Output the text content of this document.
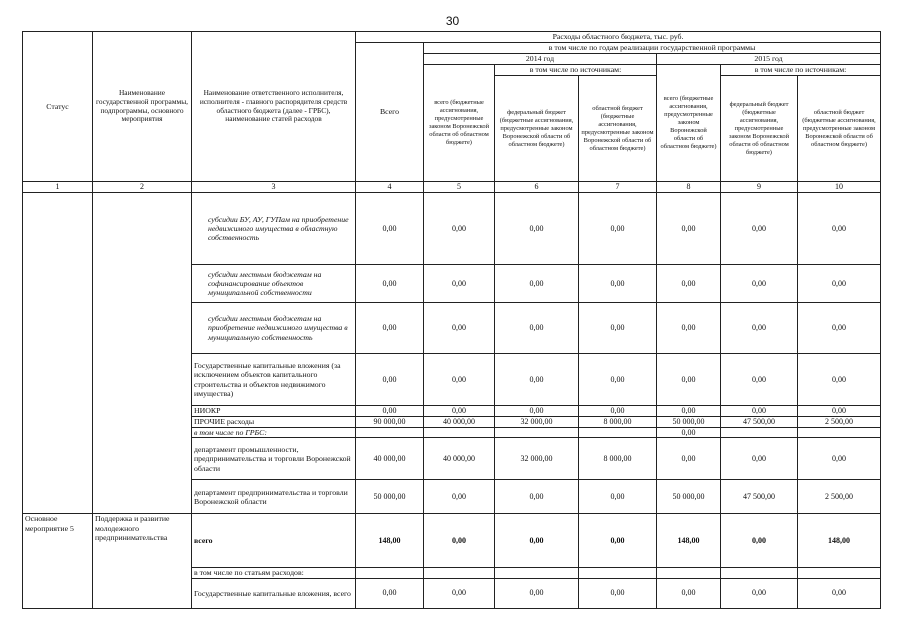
30
Статус	Наименование государственной программы, подпрограммы, основного мероприятия	Наименование ответственного исполнителя, исполнителя - главного распорядителя средств областного бюджета (далее - ГРБС), наименование статей расходов	Расходы областного бюджета, тыс. руб.						
			Всего	в том числе по годам реализации государственной программы					
				2014 год			2015 год		
				всего (бюджетные ассигнования, предусмотренные законом Воронежской области об областном бюджете)	в том числе по источникам:		всего (бюджетные ассигнования, предусмотренные законом Воронежской области об областном бюджете)	в том числе по источникам:	
					федеральный бюджет (бюджетные ассигнования, предусмотренные законом Воронежской области об областном бюджете)	областной бюджет (бюджетные ассигнования, предусмотренные законом Воронежской области об областном бюджете)		федеральный бюджет (бюджетные ассигнования, предусмотренные законом Воронежской области об областном бюджете)	областной бюджет (бюджетные ассигнования, предусмотренные законом Воронежской области об областном бюджете)
1	2	3	4	5	6	7	8	9	10
		субсидии БУ, АУ, ГУПам на приобретение недвижимого имущества в областную собственность	0,00	0,00	0,00	0,00	0,00	0,00	0,00
		субсидии местным бюджетам на софинансирование объектов муниципальной собственности	0,00	0,00	0,00	0,00	0,00	0,00	0,00
		субсидии местным бюджетам на приобретение недвижимого имущества в муниципальную собственность	0,00	0,00	0,00	0,00	0,00	0,00	0,00
		Государственные капитальные вложения (за исключением объектов капитального строительства и объектов недвижимого имущества)	0,00	0,00	0,00	0,00	0,00	0,00	0,00
		НИОКР	0,00	0,00	0,00	0,00	0,00	0,00	0,00
		ПРОЧИЕ расходы	90 000,00	40 000,00	32 000,00	8 000,00	50 000,00	47 500,00	2 500,00
		в том числе по ГРБС:					0,00		
		департамент промышленности, предпринимательства и торговли Воронежской области	40 000,00	40 000,00	32 000,00	8 000,00	0,00	0,00	0,00
		департамент предпринимательства и торговли Воронежской области	50 000,00	0,00	0,00	0,00	50 000,00	47 500,00	2 500,00
Основное мероприятие 5	Поддержка и развитие молодежного предпринимательства	всего	148,00	0,00	0,00	0,00	148,00	0,00	148,00
		в том числе по статьям расходов:							
		Государственные капитальные вложения, всего	0,00	0,00	0,00	0,00	0,00	0,00	0,00
